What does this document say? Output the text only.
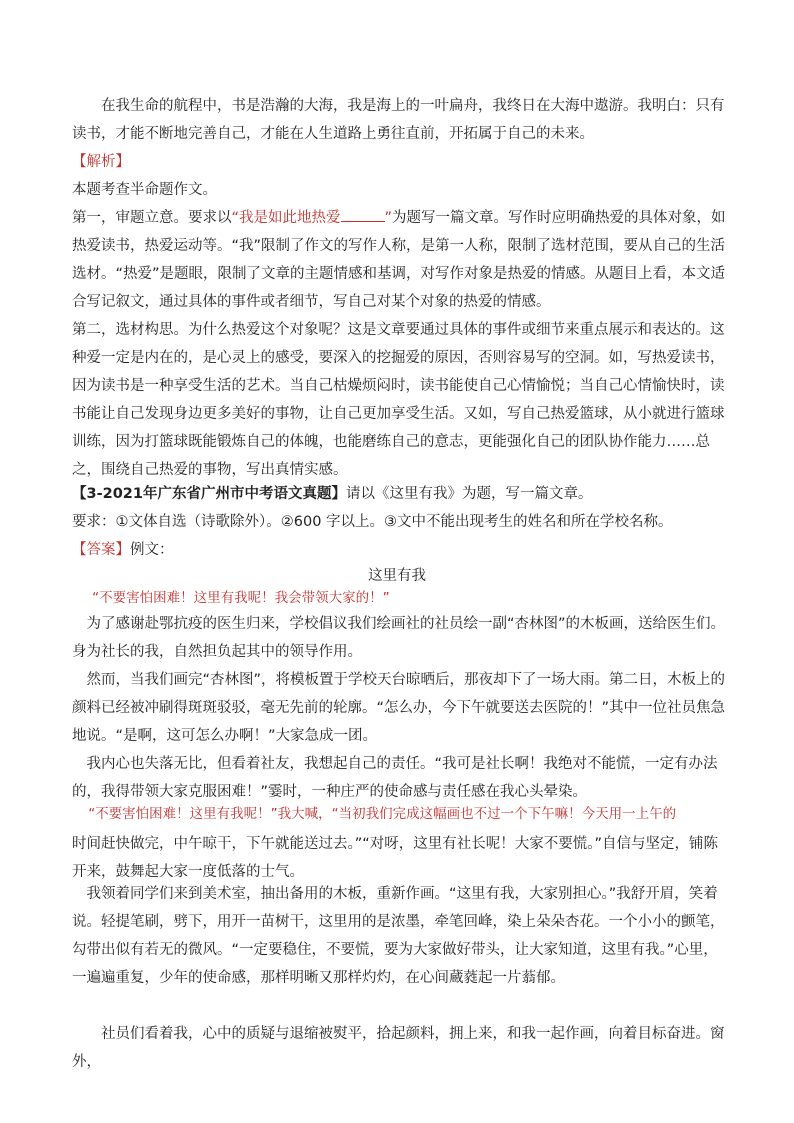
在我生命的航程中，书是浩瀚的大海，我是海上的一叶扁舟，我终日在大海中遨游。我明白：只有读书，才能不断地完善自己，才能在人生道路上勇往直前，开拓属于自己的未来。

【解析】

本题考查半命题作文。

第一，审题立意。要求以“我是如此地热爱	”为题写一篇文章。写作时应明确热爱的具体对象，如热爱读书，热爱运动等。“我”限制了作文的写作人称，是第一人称，限制了选材范围，要从自己的生活选材。“热爱”是题眼，限制了文章的主题情感和基调，对写作对象是热爱的情感。从题目上看，本文适合写记叙文，通过具体的事件或者细节，写自己对某个对象的热爱的情感。

第二，选材构思。为什么热爱这个对象呢？这是文章要通过具体的事件或细节来重点展示和表达的。这种爱一定是内在的，是心灵上的感受，要深入的挖掘爱的原因，否则容易写的空洞。如，写热爱读书，因为读书是一种享受生活的艺术。当自己枯燥烦闷时，读书能使自己心情愉悦；当自己心情愉快时，读书能让自己发现身边更多美好的事物，让自己更加享受生活。又如，写自己热爱篮球，从小就进行篮球训练，因为打篮球既能锻炼自己的体魄，也能磨练自己的意志，更能强化自己的团队协作能力……总之，围绕自己热爱的事物，写出真情实感。

【3-2021年广东省广州市中考语文真题】请以《这里有我》为题，写一篇文章。

要求：①文体自选（诗歌除外）。②600 字以上。③文中不能出现考生的姓名和所在学校名称。

【答案】例文：

这里有我

“不要害怕困难！这里有我呢！我会带领大家的！”

为了感谢赴鄂抗疫的医生归来，学校倡议我们绘画社的社员绘一副“杏林图”的木板画，送给医生们。身为社长的我，自然担负起其中的领导作用。

然而，当我们画完“杏林图”，将模板置于学校天台晾晒后，那夜却下了一场大雨。第二日，木板上的颜料已经被冲刷得斑斑驳驳，毫无先前的轮廓。“怎么办，今下午就要送去医院的！”其中一位社员焦急地说。“是啊，这可怎么办啊！”大家急成一团。

我内心也失落无比，但看着社友，我想起自己的责任。“我可是社长啊！我绝对不能慌，一定有办法的，我得带领大家克服困难！”霎时，一种庄严的使命感与责任感在我心头晕染。

“不要害怕困难！这里有我呢！”我大喊，“当初我们完成这幅画也不过一个下午嘛！今天用一上午的

时间赶快做完，中午晾干，下午就能送过去。”“对呀，这里有社长呢！大家不要慌。”自信与坚定，铺陈开来，鼓舞起大家一度低落的士气。

我领着同学们来到美术室，抽出备用的木板，重新作画。“这里有我，大家别担心。”我舒开眉，笑着说。轻提笔刷，劈下，用开一苗树干，这里用的是浓墨，牵笔回峰，染上朵朵杏花。一个小小的颤笔，勾带出似有若无的微风。“一定要稳住，不要慌，要为大家做好带头，让大家知道，这里有我。”心里，一遍遍重复，少年的使命感，那样明晰又那样灼灼，在心间蔵蕤起一片蓊郁。

社员们看着我，心中的质疑与退缩被熨平，拾起颜料，拥上来，和我一起作画，向着目标奋进。窗外，
